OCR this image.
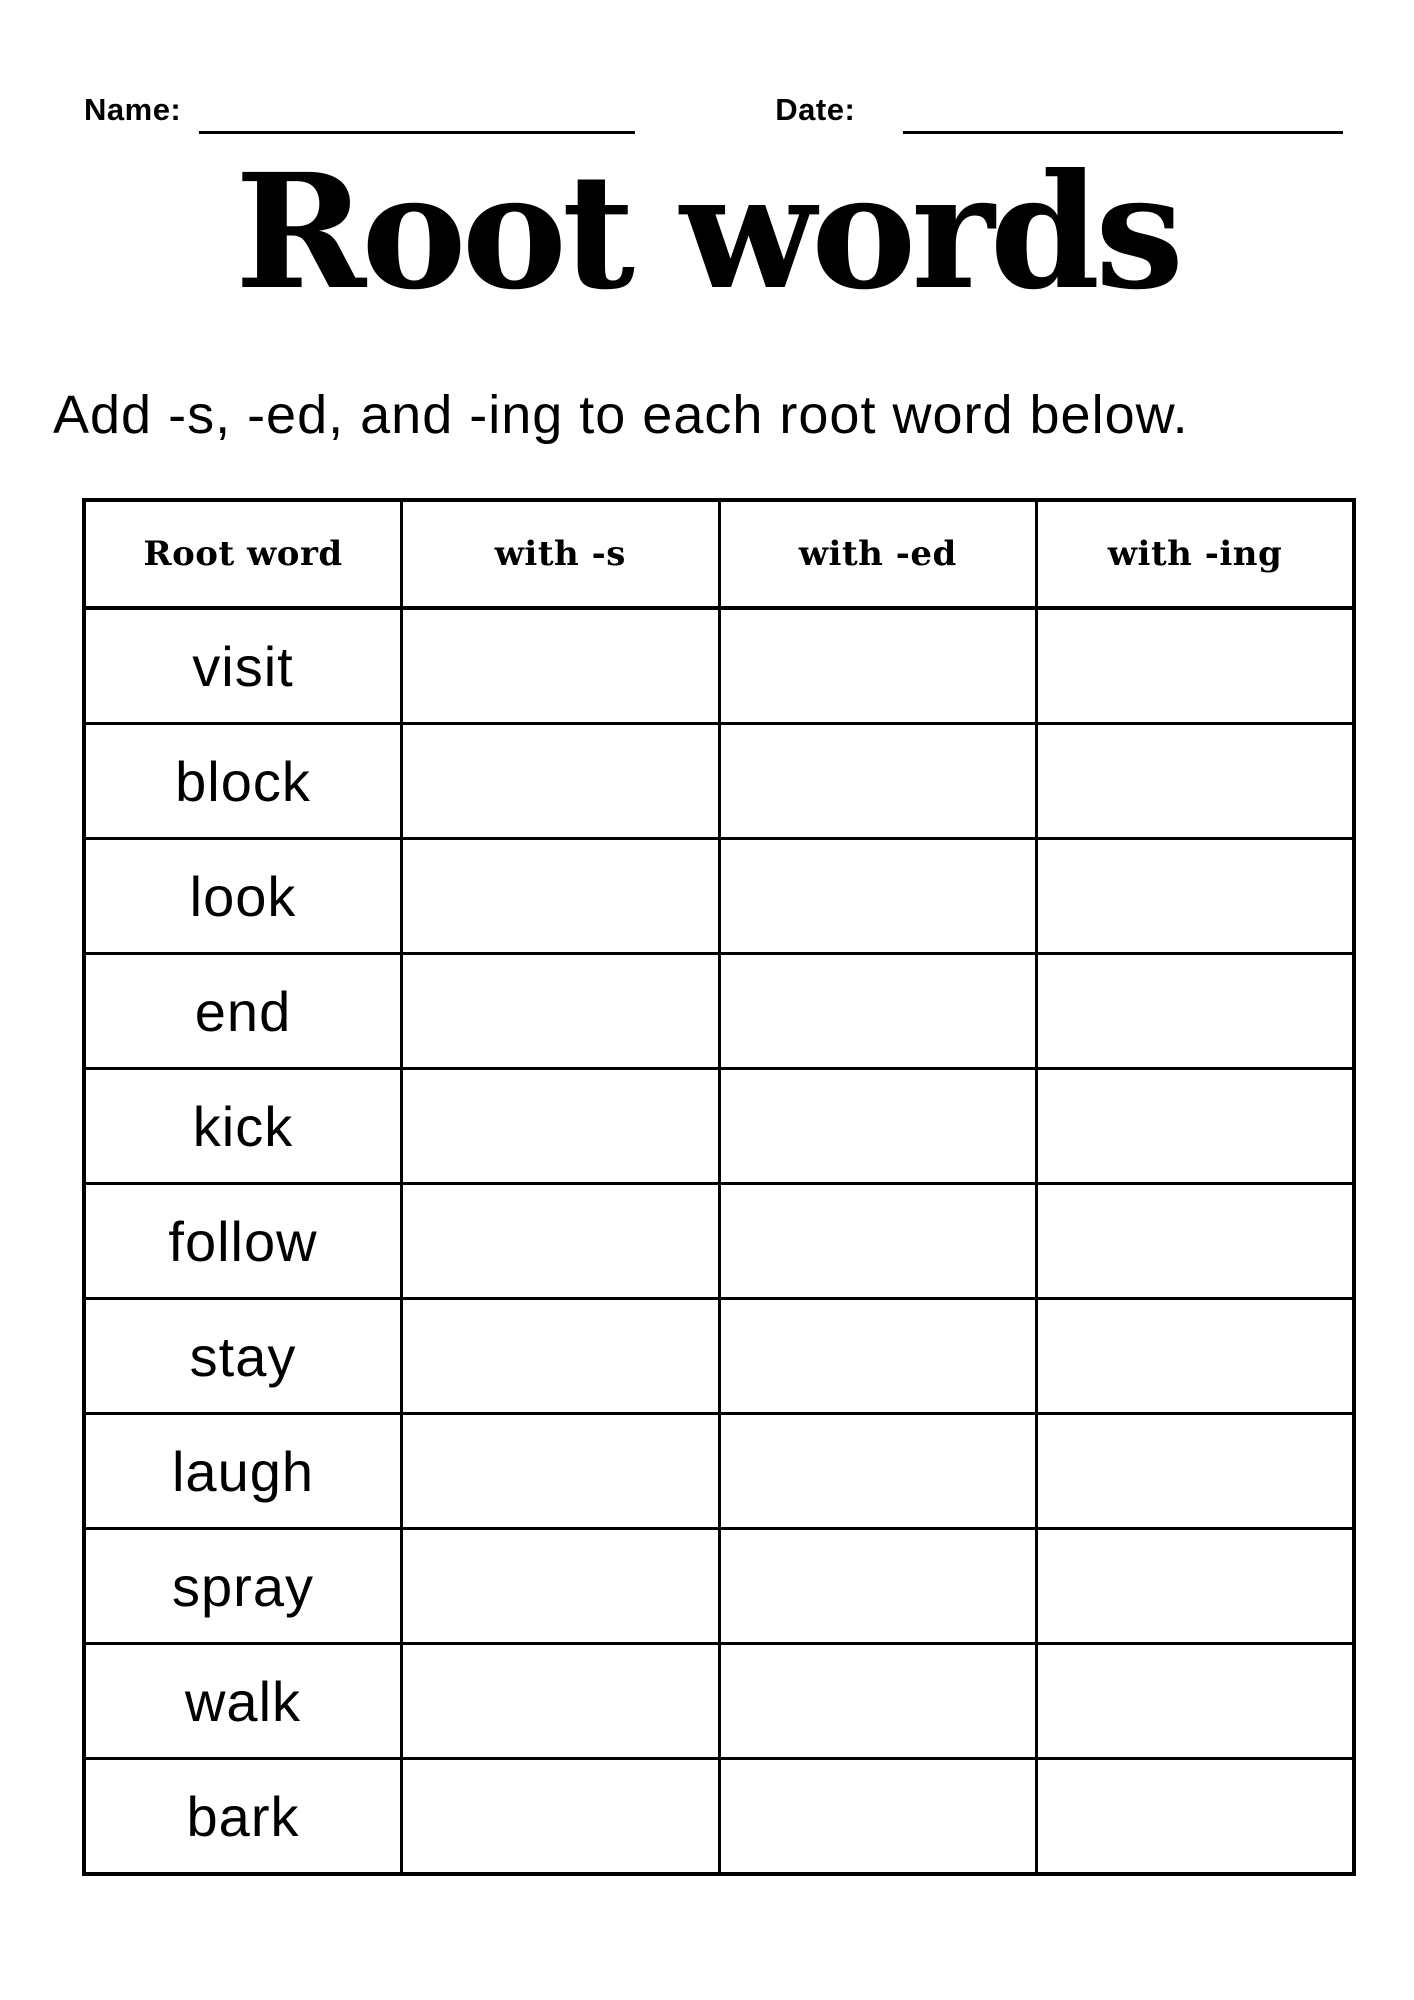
Name:	Date:
Root words

Add -s, -ed, and -ing to each root word below.

Root word	with -s	with -ed	with -ing
visit			
block			
look			
end			
kick			
follow			
stay			
laugh			
spray			
walk			
bark			
